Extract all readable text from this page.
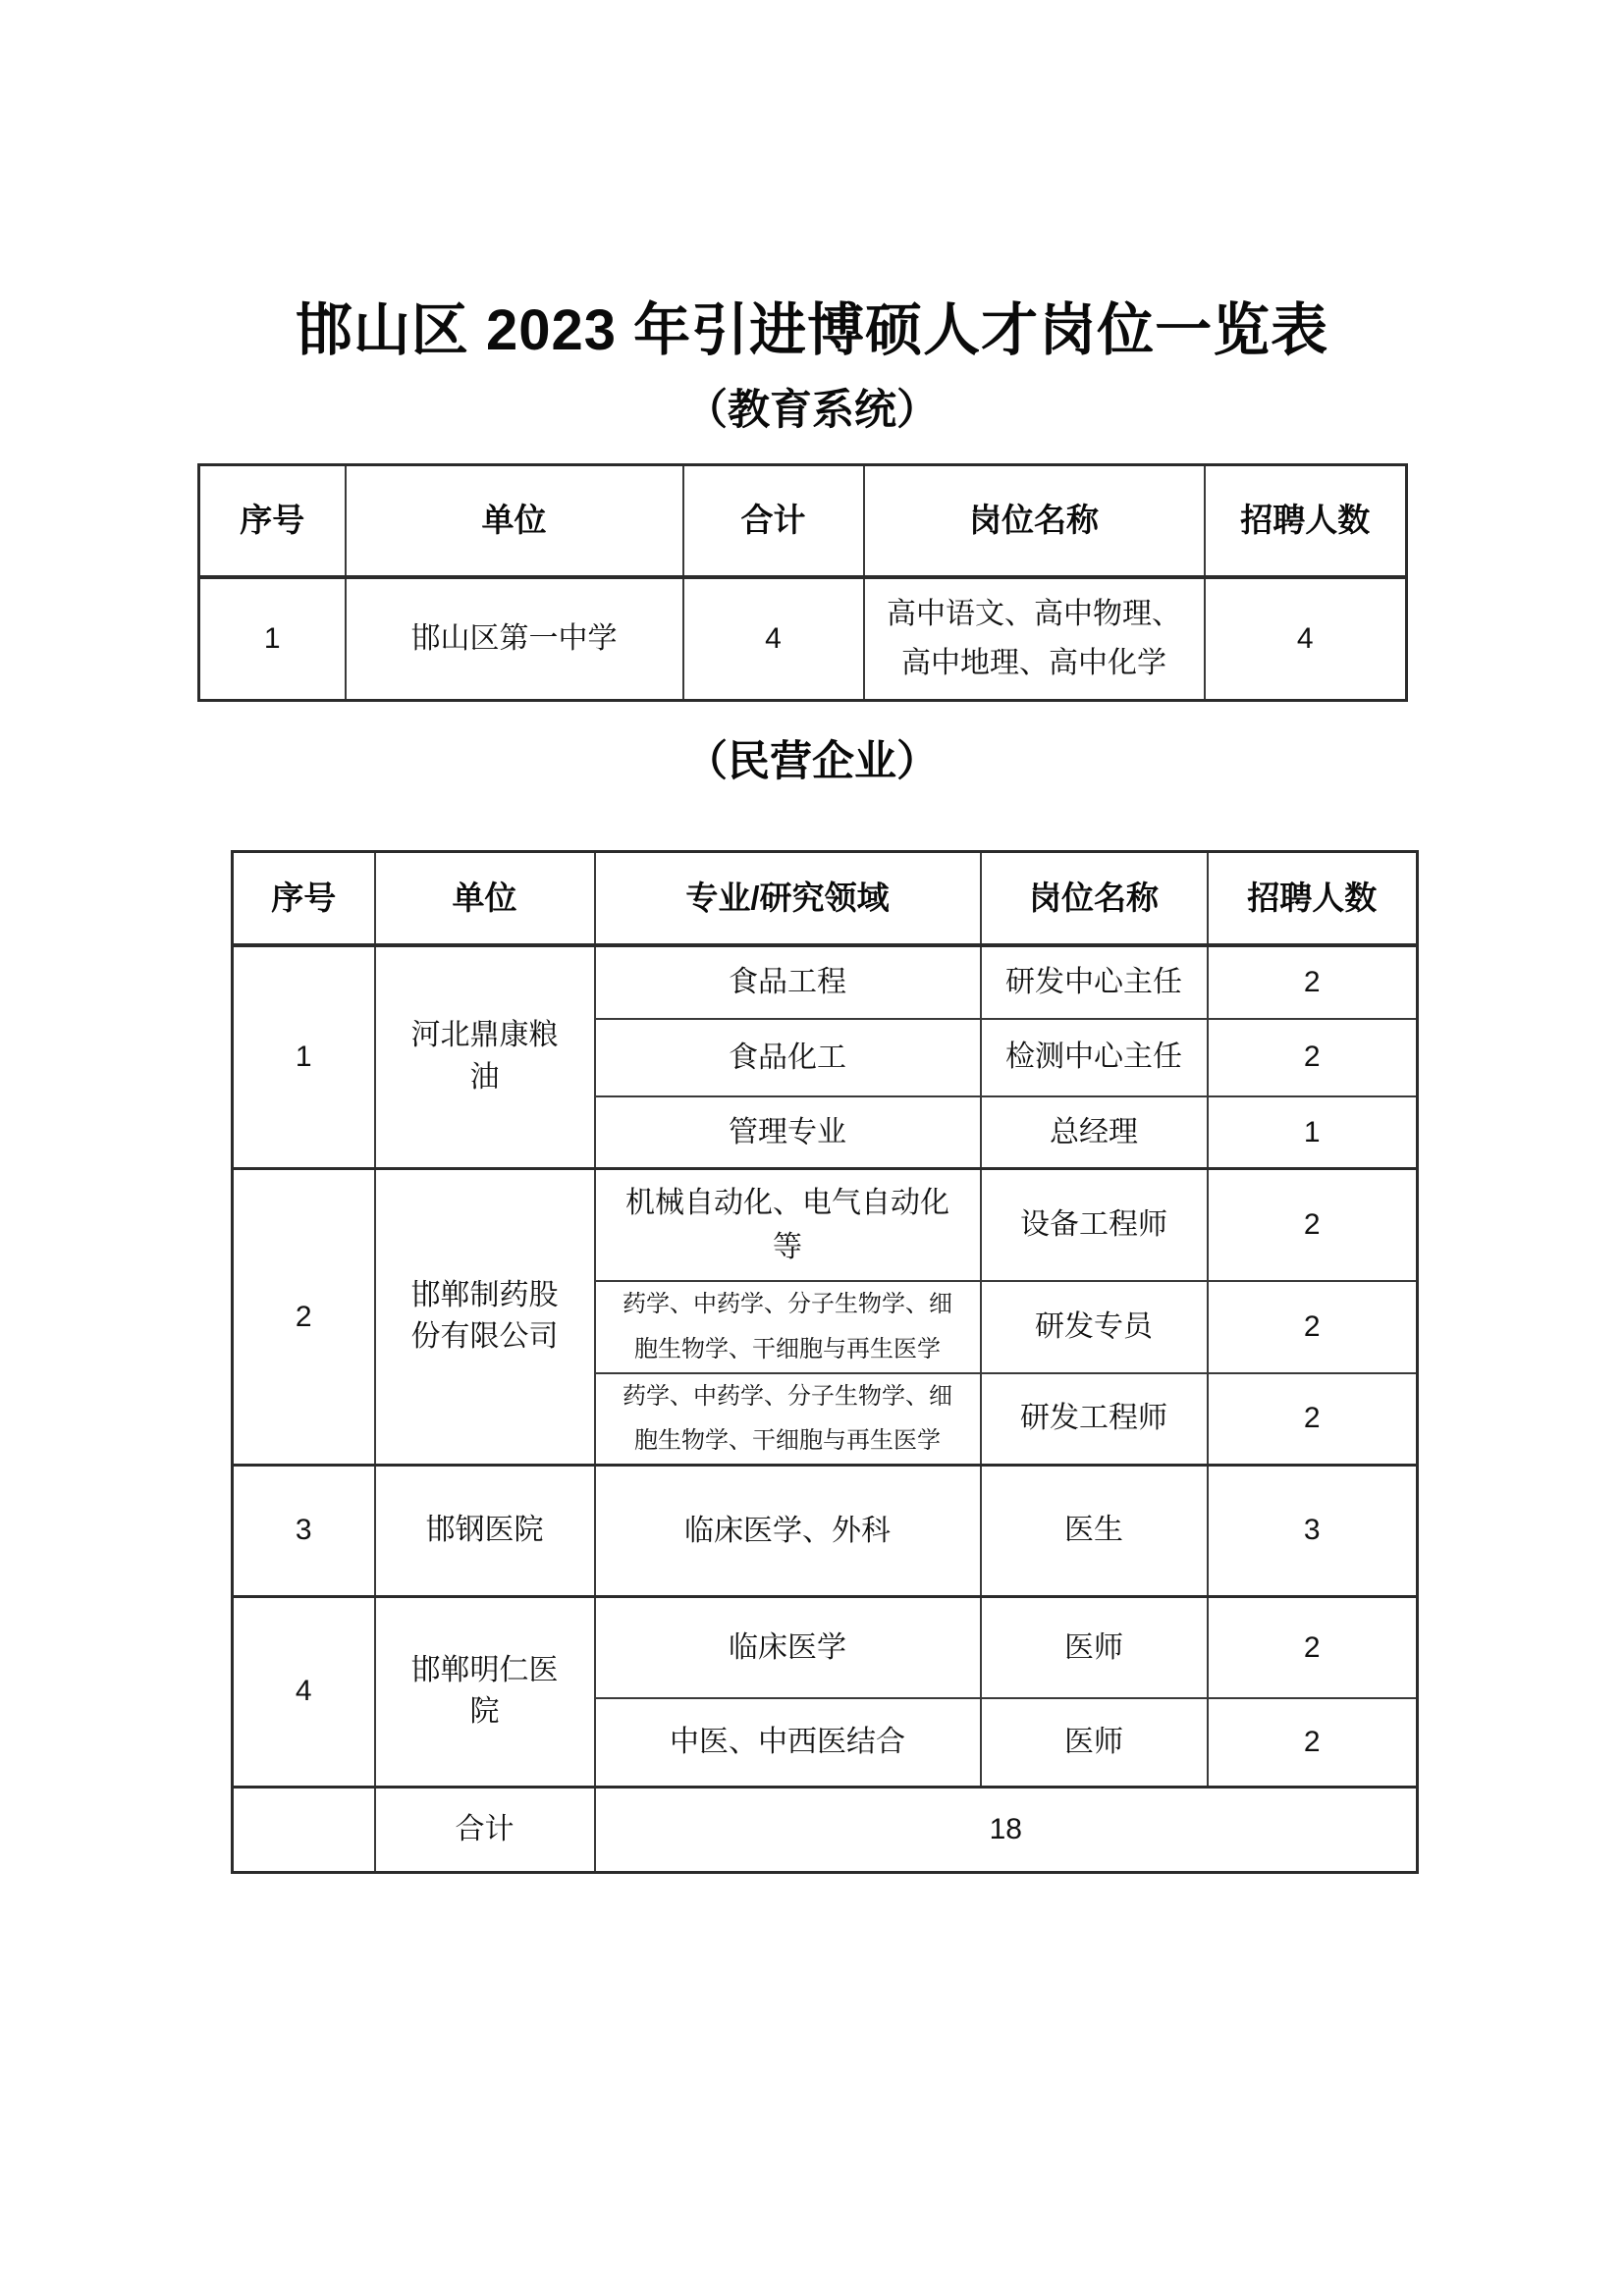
邯山区 2023 年引进博硕人才岗位一览表
（教育系统）
序号	单位	合计	岗位名称	招聘人数
1	邯山区第一中学	4	高中语文、高中物理、高中地理、高中化学	4
（民营企业）
序号	单位	专业/研究领域	岗位名称	招聘人数
1	河北鼎康粮油	食品工程	研发中心主任	2
		食品化工	检测中心主任	2
		管理专业	总经理	1
2	邯郸制药股份有限公司	机械自动化、电气自动化等	设备工程师	2
		药学、中药学、分子生物学、细胞生物学、干细胞与再生医学	研发专员	2
		药学、中药学、分子生物学、细胞生物学、干细胞与再生医学	研发工程师	2
3	邯钢医院	临床医学、外科	医生	3
4	邯郸明仁医院	临床医学	医师	2
		中医、中西医结合	医师	2
	合计	18		
